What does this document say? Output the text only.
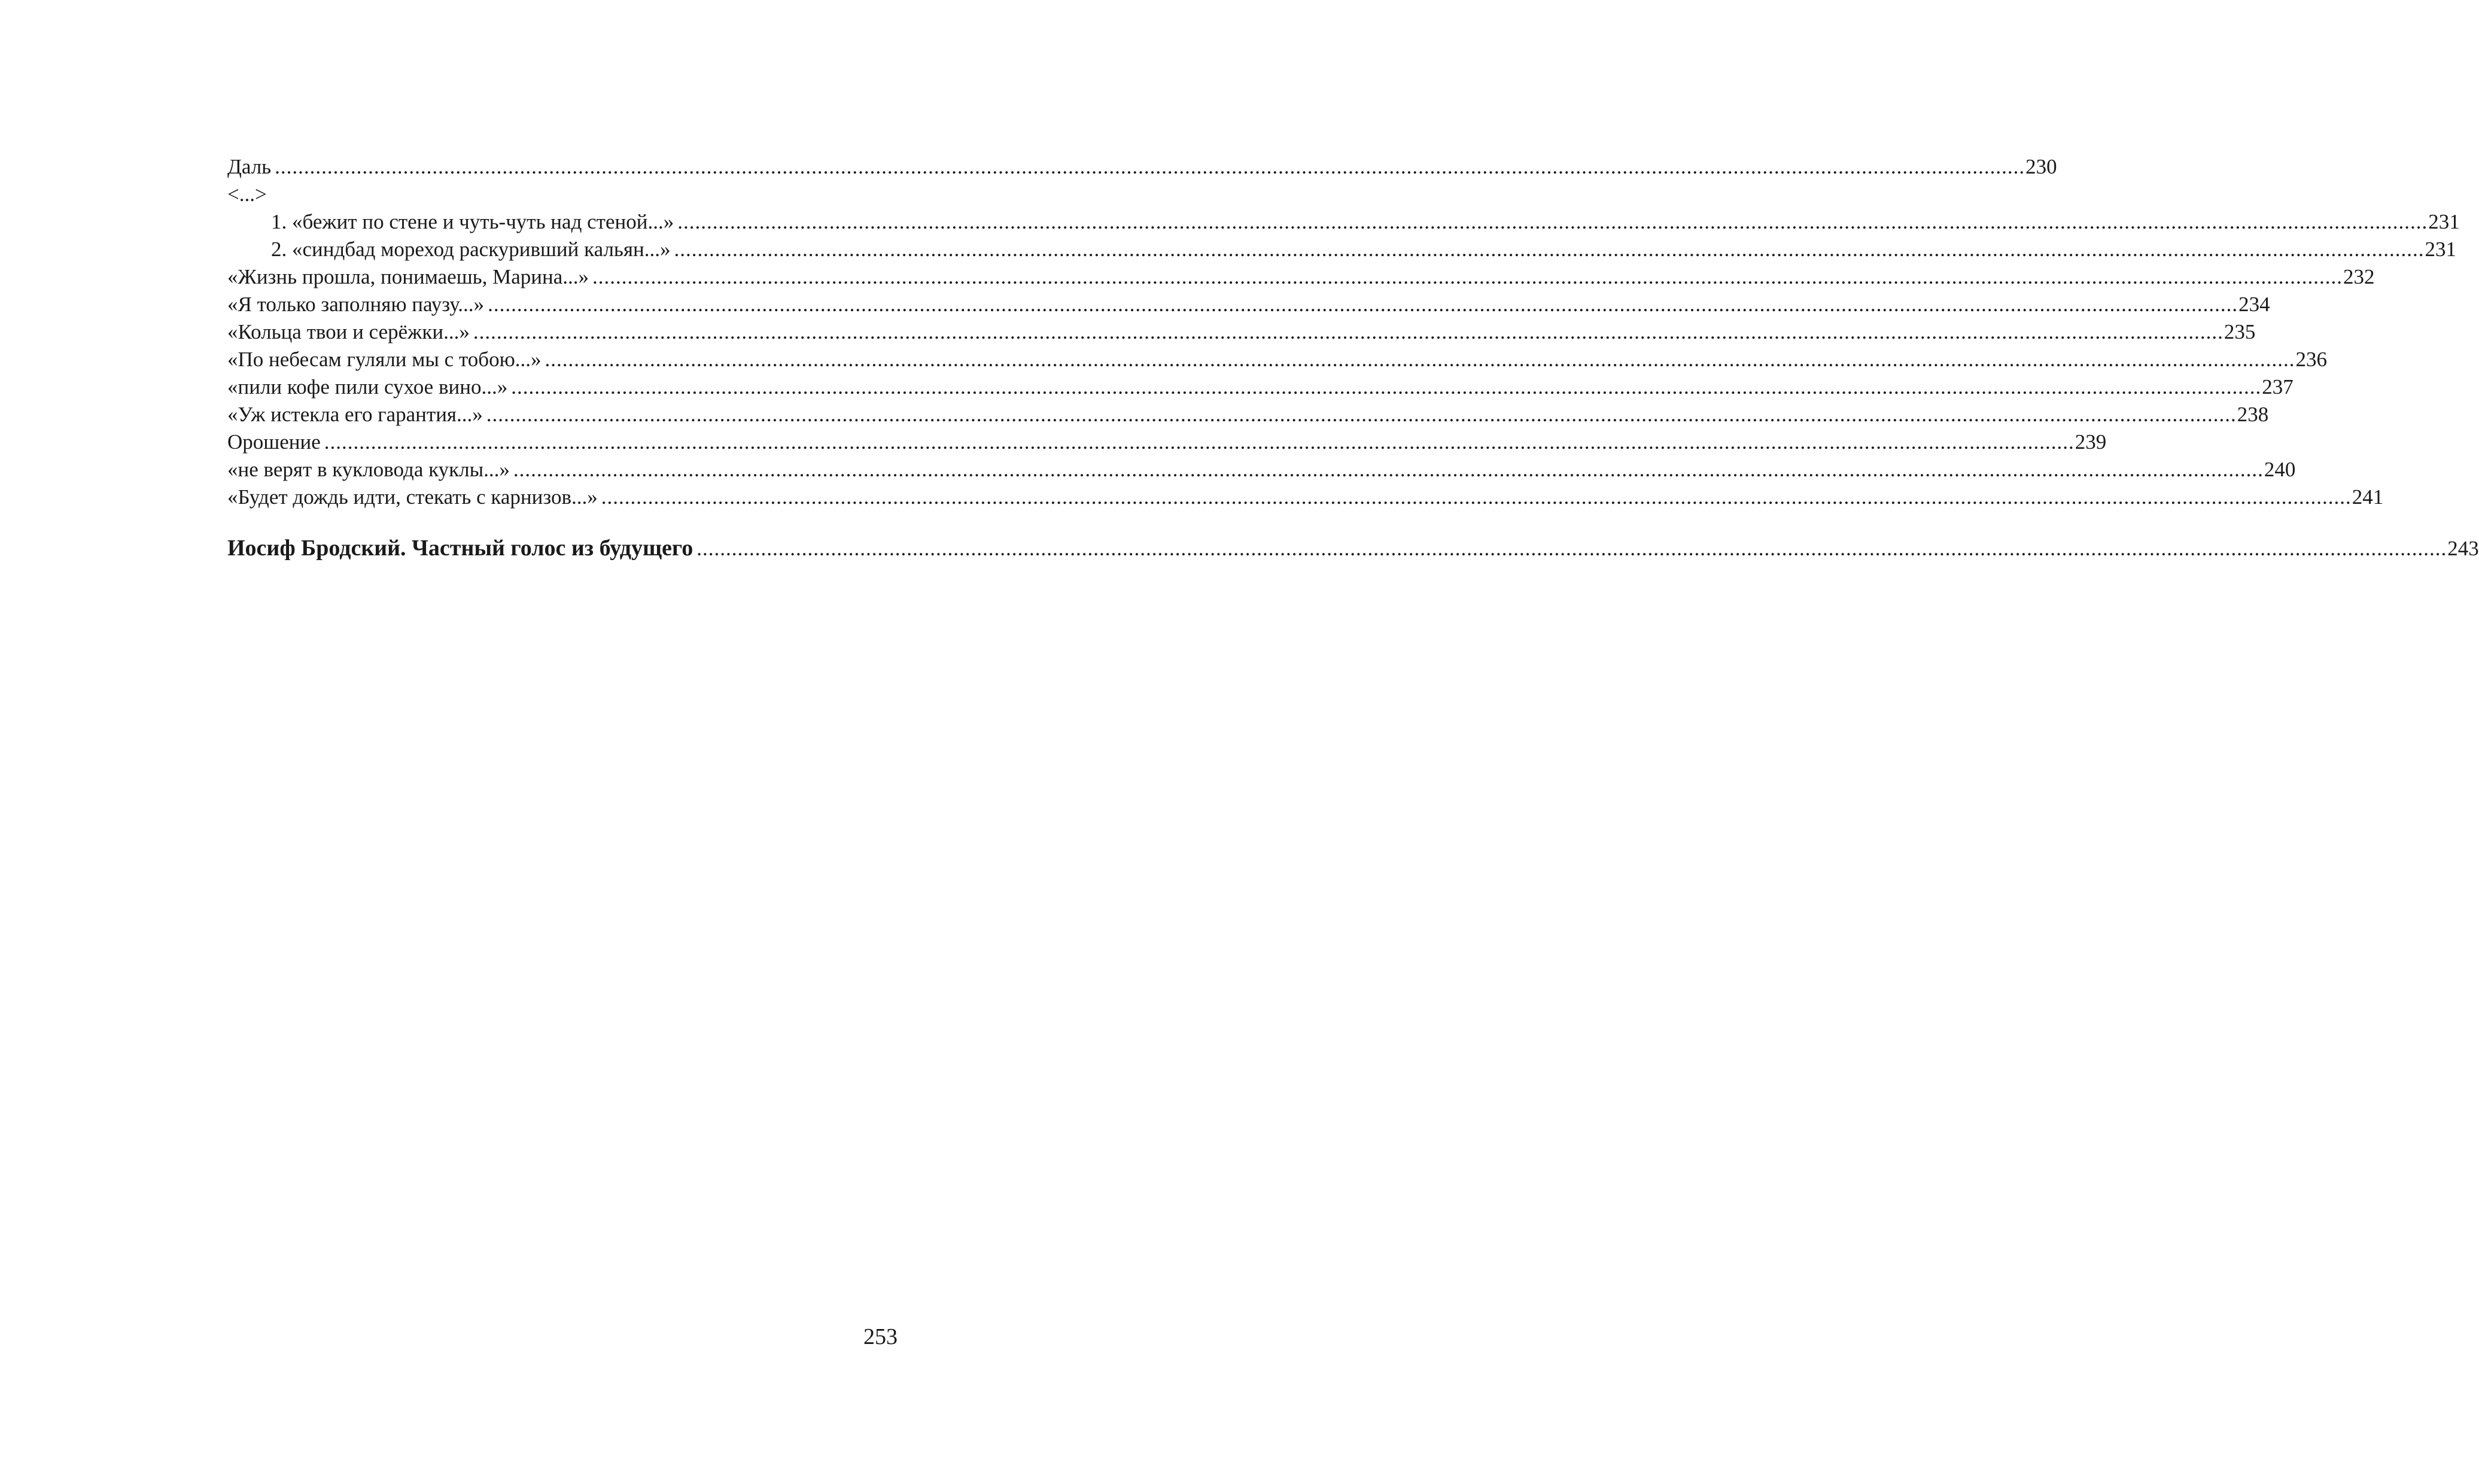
Даль ............................................................................................................................................................................................................................................................................................................ 230
<...>
1. «бежит по стене и чуть-чуть над стеной...» ............................................................................................................................................................................................................................................................................................................ 231
2. «синдбад мореход раскуривший кальян...» ............................................................................................................................................................................................................................................................................................................ 231
«Жизнь прошла, понимаешь, Марина...» ............................................................................................................................................................................................................................................................................................................ 232
«Я только заполняю паузу...» ............................................................................................................................................................................................................................................................................................................ 234
«Кольца твои и серёжки...» ............................................................................................................................................................................................................................................................................................................ 235
«По небесам гуляли мы с тобою...» ............................................................................................................................................................................................................................................................................................................ 236
«пили кофе пили сухое вино...» ............................................................................................................................................................................................................................................................................................................ 237
«Уж истекла его гарантия...» ............................................................................................................................................................................................................................................................................................................ 238
Орошение ............................................................................................................................................................................................................................................................................................................ 239
«не верят в кукловода куклы...» ............................................................................................................................................................................................................................................................................................................ 240
«Будет дождь идти, стекать с карнизов...» ............................................................................................................................................................................................................................................................................................................ 241
Иосиф Бродский. Частный голос из будущего ............................................................................................................................................................................................................................................................................................................ 243
253
